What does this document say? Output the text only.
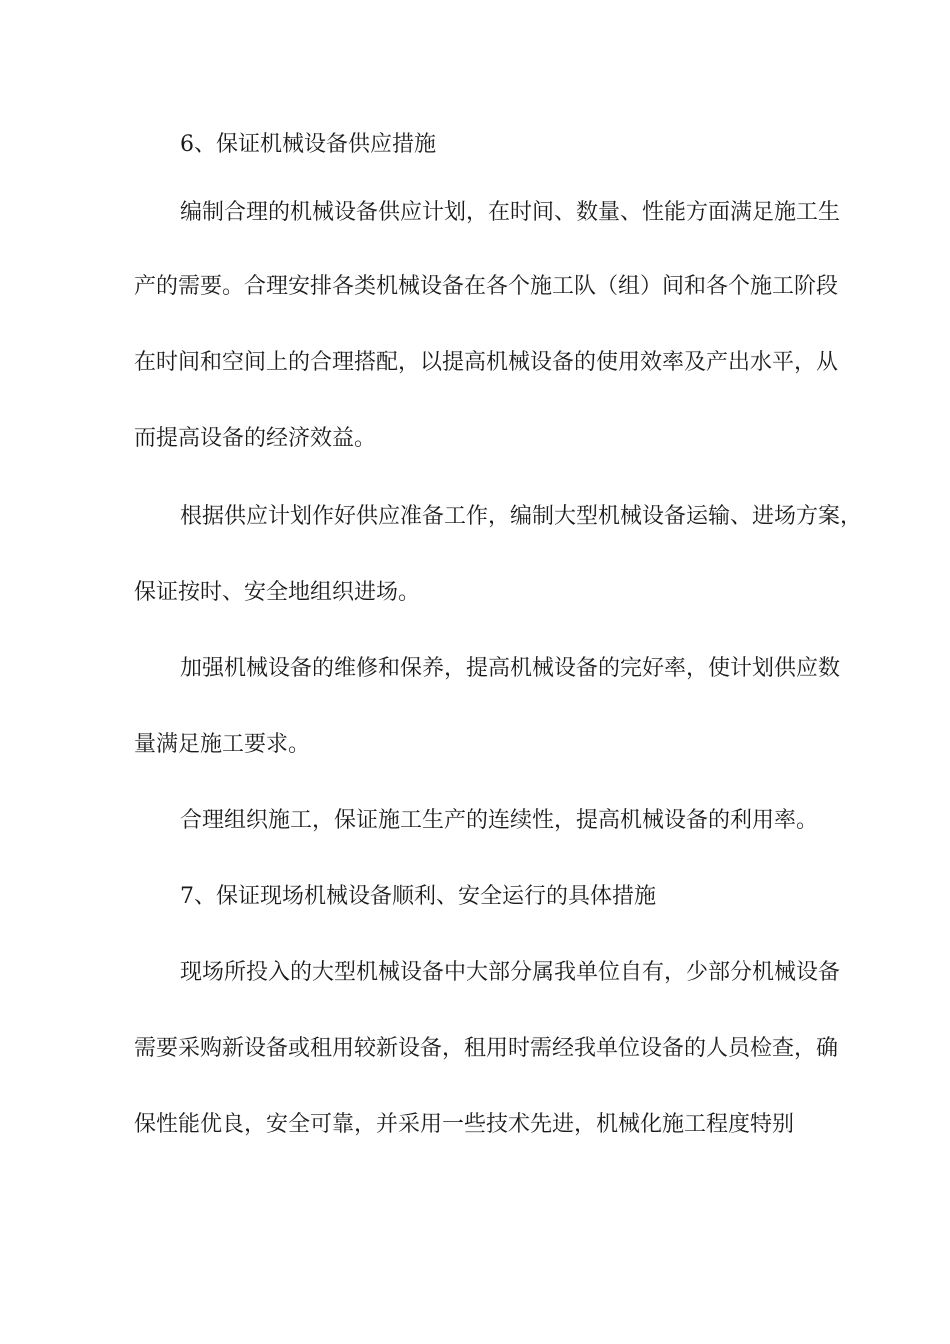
6、保证机械设备供应措施
编制合理的机械设备供应计划，在时间、数量、性能方面满足施工生
产的需要。合理安排各类机械设备在各个施工队（组）间和各个施工阶段
在时间和空间上的合理搭配，以提高机械设备的使用效率及产出水平，从
而提高设备的经济效益。
根据供应计划作好供应准备工作，编制大型机械设备运输、进场方案，
保证按时、安全地组织进场。
加强机械设备的维修和保养，提高机械设备的完好率，使计划供应数
量满足施工要求。
合理组织施工，保证施工生产的连续性，提高机械设备的利用率。
7、保证现场机械设备顺利、安全运行的具体措施
现场所投入的大型机械设备中大部分属我单位自有，少部分机械设备
需要采购新设备或租用较新设备，租用时需经我单位设备的人员检查，确
保性能优良，安全可靠，并采用一些技术先进，机械化施工程度特别
